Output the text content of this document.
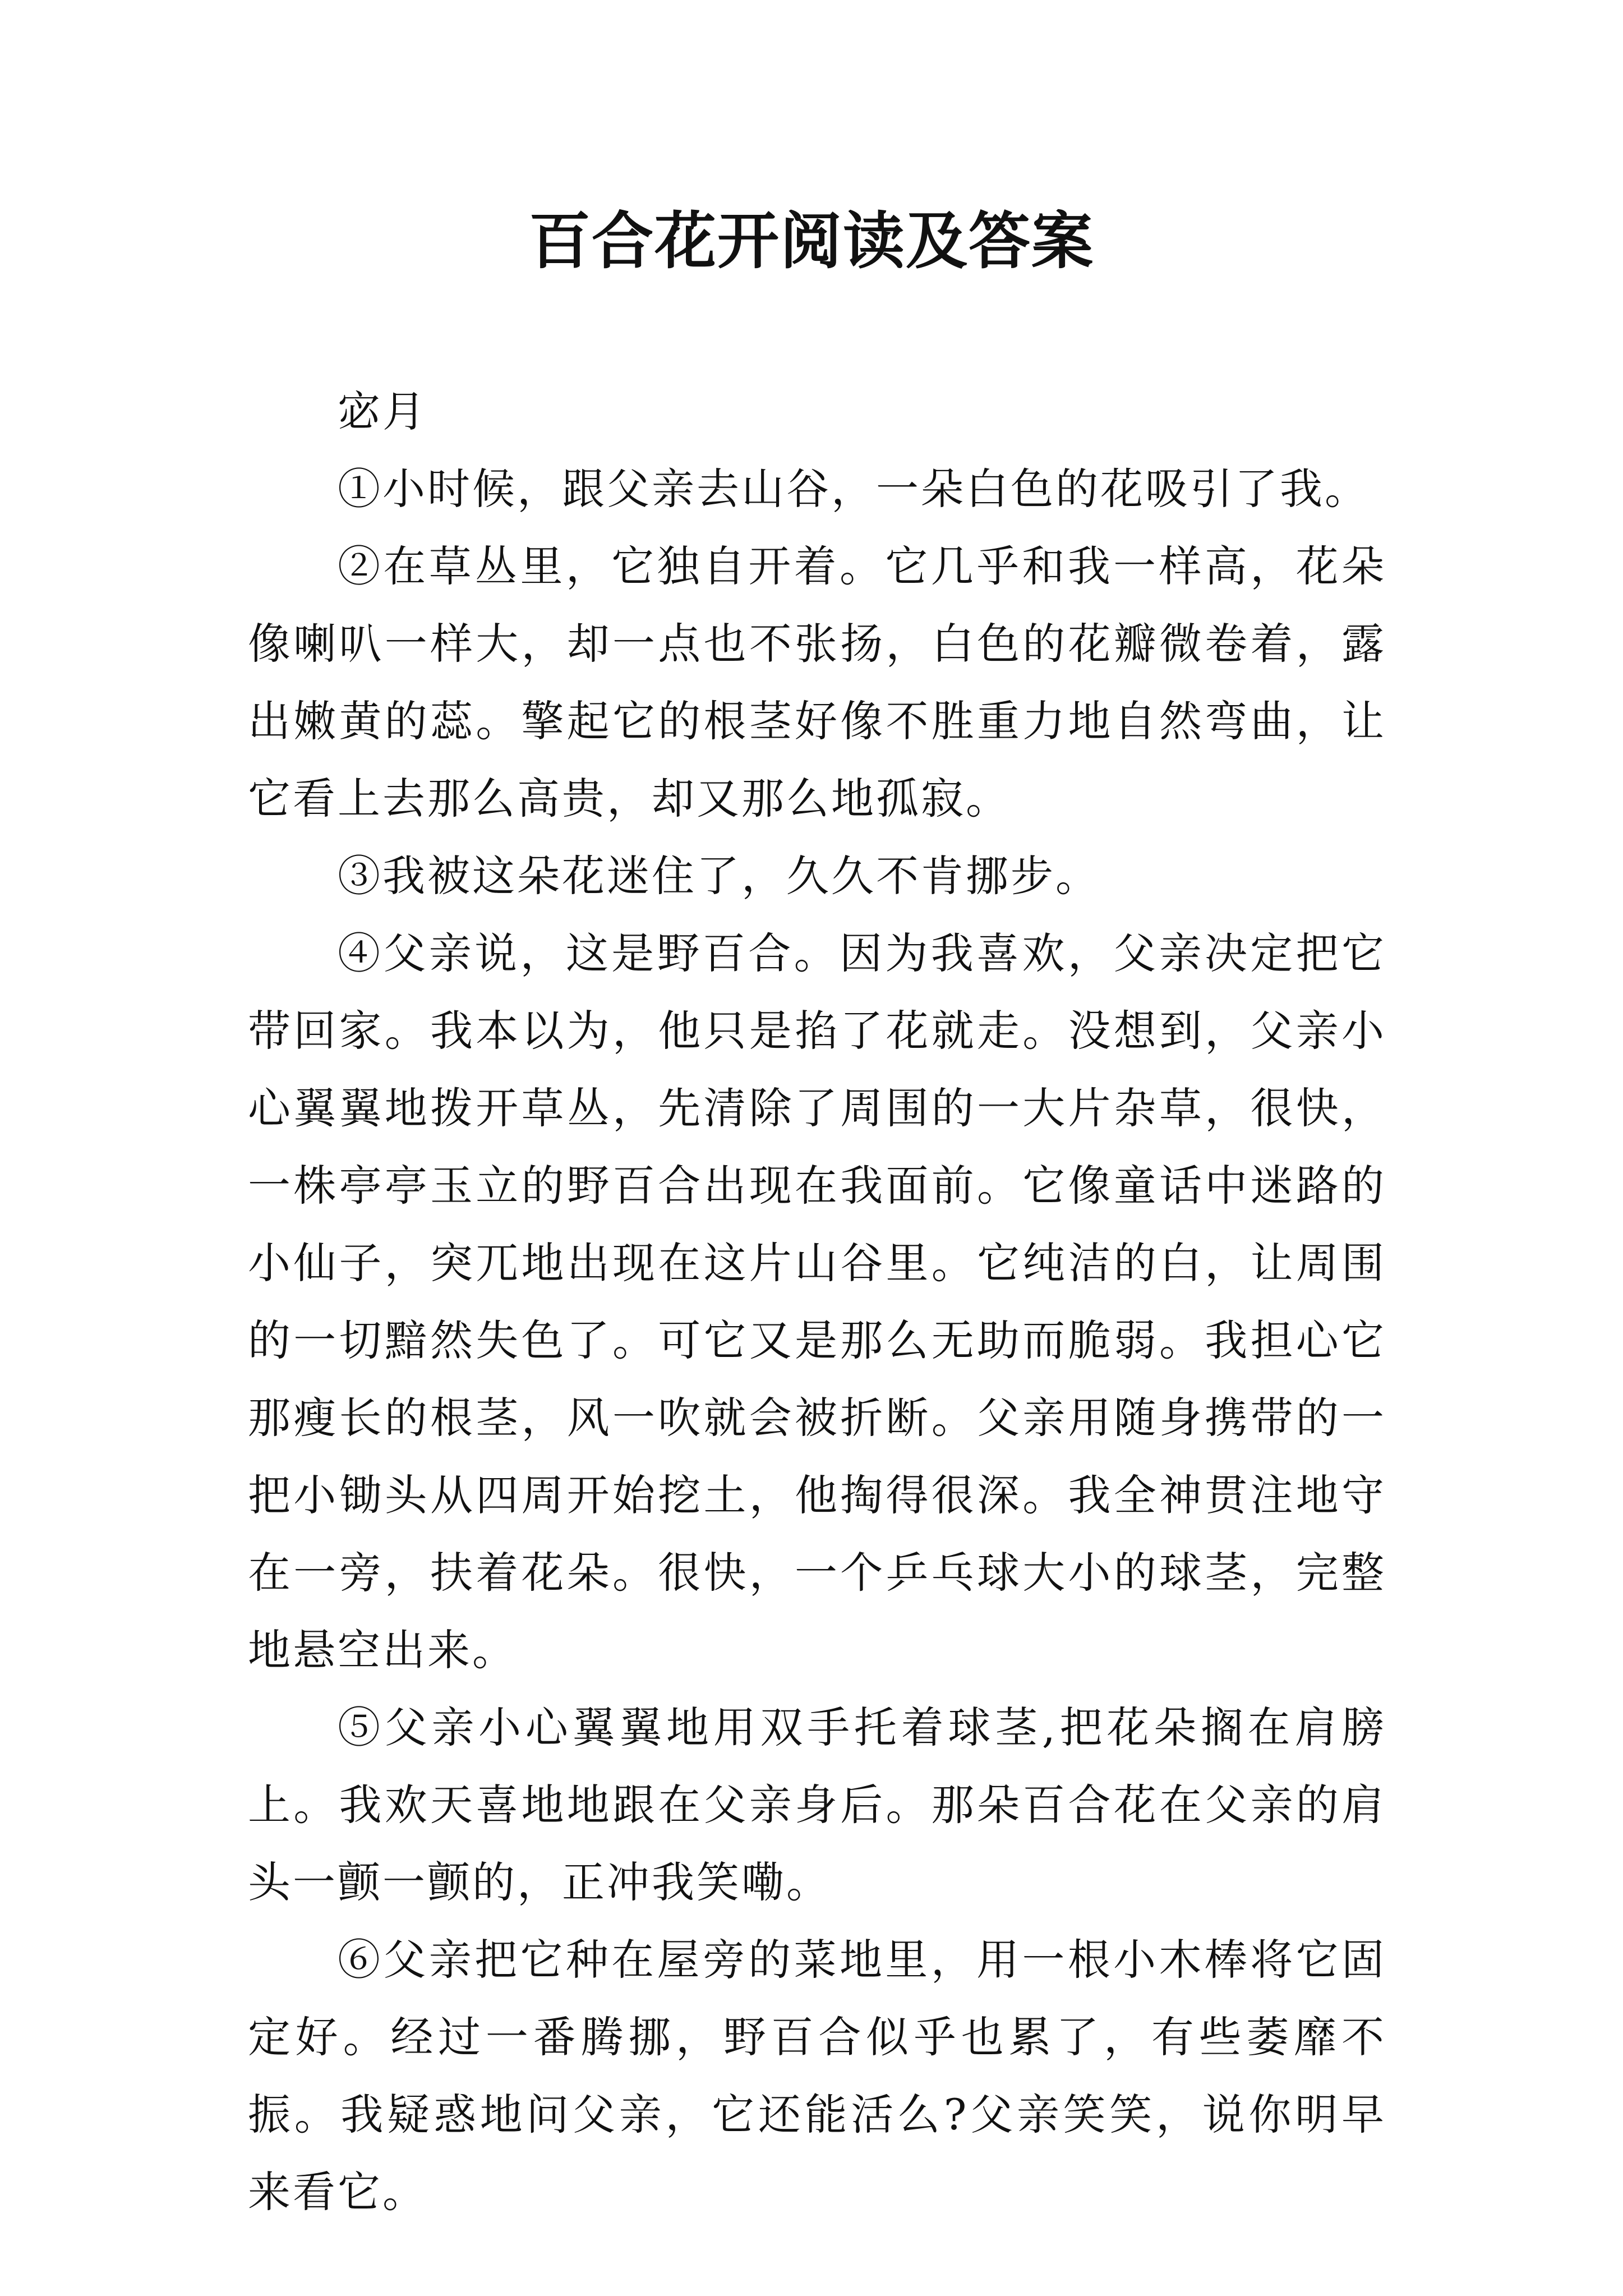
百合花开阅读及答案

宓月

①小时候，跟父亲去山谷，一朵白色的花吸引了我。

②在草丛里，它独自开着。它几乎和我一样高，花朵像喇叭一样大，却一点也不张扬，白色的花瓣微卷着，露出嫩黄的蕊。擎起它的根茎好像不胜重力地自然弯曲，让它看上去那么高贵，却又那么地孤寂。

③我被这朵花迷住了，久久不肯挪步。

④父亲说，这是野百合。因为我喜欢，父亲决定把它带回家。我本以为，他只是掐了花就走。没想到，父亲小心翼翼地拨开草丛，先清除了周围的一大片杂草，很快，一株亭亭玉立的野百合出现在我面前。它像童话中迷路的小仙子，突兀地出现在这片山谷里。它纯洁的白，让周围的一切黯然失色了。可它又是那么无助而脆弱。我担心它那瘦长的根茎，风一吹就会被折断。父亲用随身携带的一把小锄头从四周开始挖土，他掏得很深。我全神贯注地守在一旁，扶着花朵。很快，一个乒乓球大小的球茎，完整地悬空出来。

⑤父亲小心翼翼地用双手托着球茎,把花朵搁在肩膀上。我欢天喜地地跟在父亲身后。那朵百合花在父亲的肩头一颤一颤的，正冲我笑嘞。

⑥父亲把它种在屋旁的菜地里，用一根小木棒将它固定好。经过一番腾挪，野百合似乎也累了，有些萎靡不振。我疑惑地问父亲，它还能活么?父亲笑笑，说你明早来看它。
